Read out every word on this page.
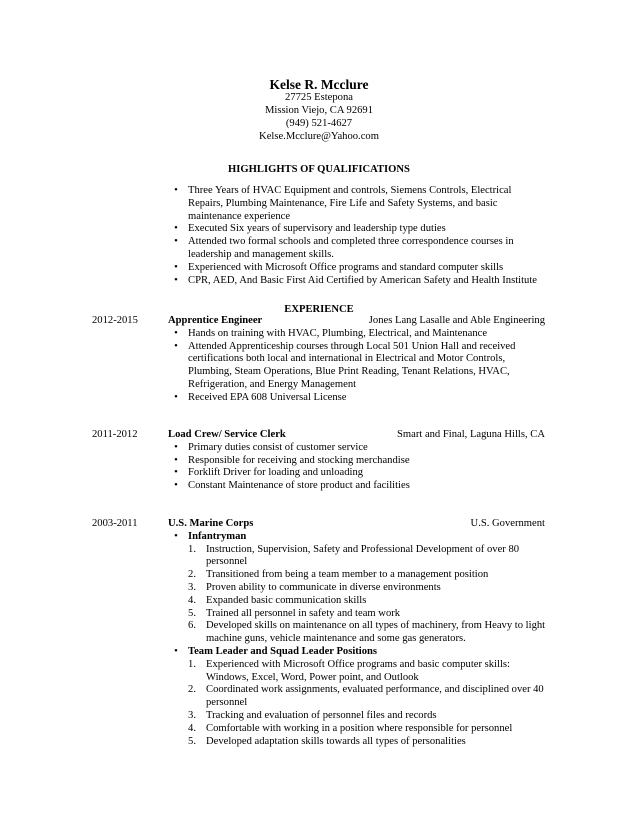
Kelse R. Mcclure
27725 Estepona
Mission Viejo, CA 92691
(949) 521-4627
Kelse.Mcclure@Yahoo.com
HIGHLIGHTS OF QUALIFICATIONS
• Three Years of HVAC Equipment and controls, Siemens Controls, Electrical
Repairs, Plumbing Maintenance, Fire Life and Safety Systems, and basic
maintenance experience
• Executed Six years of supervisory and leadership type duties
• Attended two formal schools and completed three correspondence courses in
leadership and management skills.
• Experienced with Microsoft Office programs and standard computer skills
• CPR, AED, And Basic First Aid Certified by American Safety and Health Institute
EXPERIENCE
2012-2015	Apprentice Engineer	Jones Lang Lasalle and Able Engineering
• Hands on training with HVAC, Plumbing, Electrical, and Maintenance
• Attended Apprenticeship courses through Local 501 Union Hall and received
certifications both local and international in Electrical and Motor Controls,
Plumbing, Steam Operations, Blue Print Reading, Tenant Relations, HVAC,
Refrigeration, and Energy Management
• Received EPA 608 Universal License
2011-2012	Load Crew/ Service Clerk	Smart and Final, Laguna Hills, CA
• Primary duties consist of customer service
• Responsible for receiving and stocking merchandise
• Forklift Driver for loading and unloading
• Constant Maintenance of store product and facilities
2003-2011	U.S. Marine Corps	U.S. Government
• Infantryman
1. Instruction, Supervision, Safety and Professional Development of over 80
personnel
2. Transitioned from being a team member to a management position
3. Proven ability to communicate in diverse environments
4. Expanded basic communication skills
5. Trained all personnel in safety and team work
6. Developed skills on maintenance on all types of machinery, from Heavy to light
machine guns, vehicle maintenance and some gas generators.
• Team Leader and Squad Leader Positions
1. Experienced with Microsoft Office programs and basic computer skills:
Windows, Excel, Word, Power point, and Outlook
2. Coordinated work assignments, evaluated performance, and disciplined over 40
personnel
3. Tracking and evaluation of personnel files and records
4. Comfortable with working in a position where responsible for personnel
5. Developed adaptation skills towards all types of personalities
